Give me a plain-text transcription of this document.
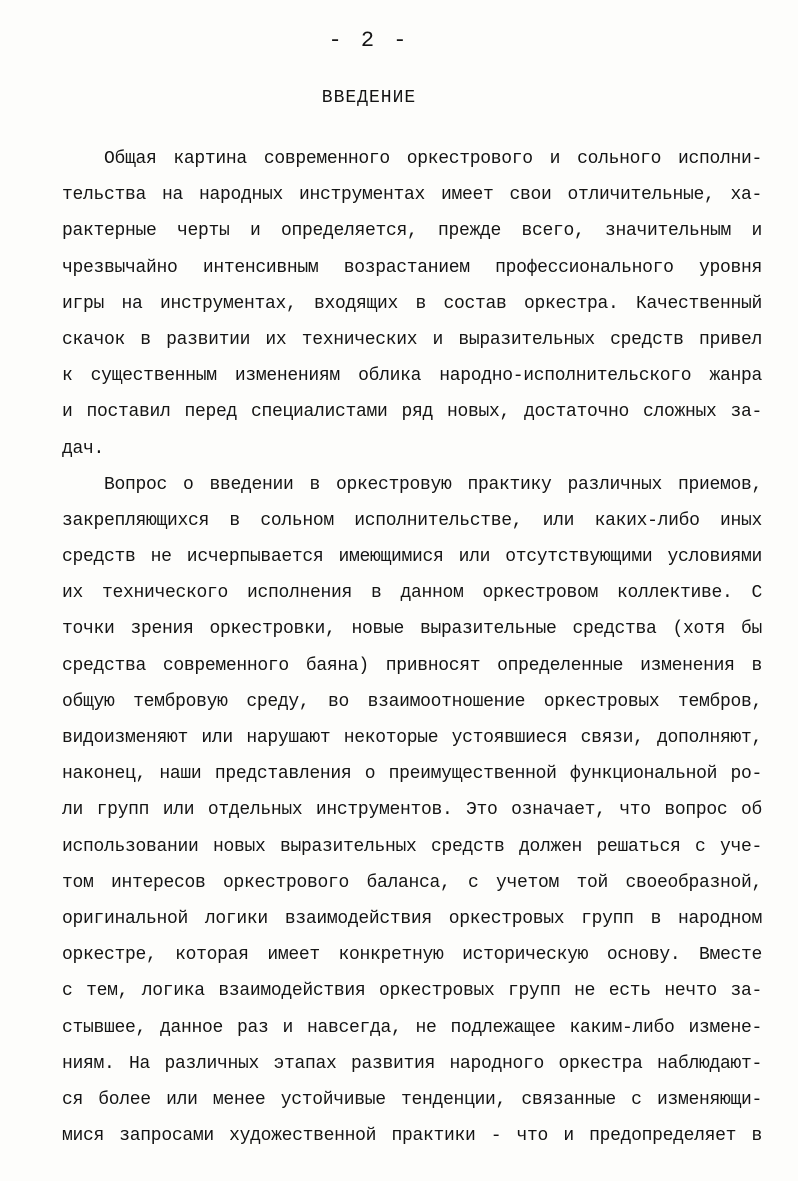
- 2 -
ВВЕДЕНИЕ
Общая картина современного оркестрового и сольного исполни-
тельства на народных инструментах имеет свои отличительные, ха-
рактерные черты и определяется, прежде всего, значительным и
чрезвычайно интенсивным возрастанием профессионального уровня
игры на инструментах, входящих в состав оркестра. Качественный
скачок в развитии их технических и выразительных средств привел
к существенным изменениям облика народно-исполнительского жанра
и поставил перед специалистами ряд новых, достаточно сложных за-
дач.
Вопрос о введении в оркестровую практику различных приемов,
закрепляющихся в сольном исполнительстве, или каких-либо иных
средств не исчерпывается имеющимися или отсутствующими условиями
их технического исполнения в данном оркестровом коллективе. С
точки зрения оркестровки, новые выразительные средства (хотя бы
средства современного баяна) привносят определенные изменения в
общую тембровую среду, во взаимоотношение оркестровых тембров,
видоизменяют или нарушают некоторые устоявшиеся связи, дополняют,
наконец, наши представления о преимущественной функциональной ро-
ли групп или отдельных инструментов. Это означает, что вопрос об
использовании новых выразительных средств должен решаться с уче-
том интересов оркестрового баланса, с учетом той своеобразной,
оригинальной логики взаимодействия оркестровых групп в народном
оркестре, которая имеет конкретную историческую основу. Вместе
с тем, логика взаимодействия оркестровых групп не есть нечто за-
стывшее, данное раз и навсегда, не подлежащее каким-либо измене-
ниям. На различных этапах развития народного оркестра наблюдают-
ся более или менее устойчивые тенденции, связанные с изменяющи-
мися запросами художественной практики - что и предопределяет в
